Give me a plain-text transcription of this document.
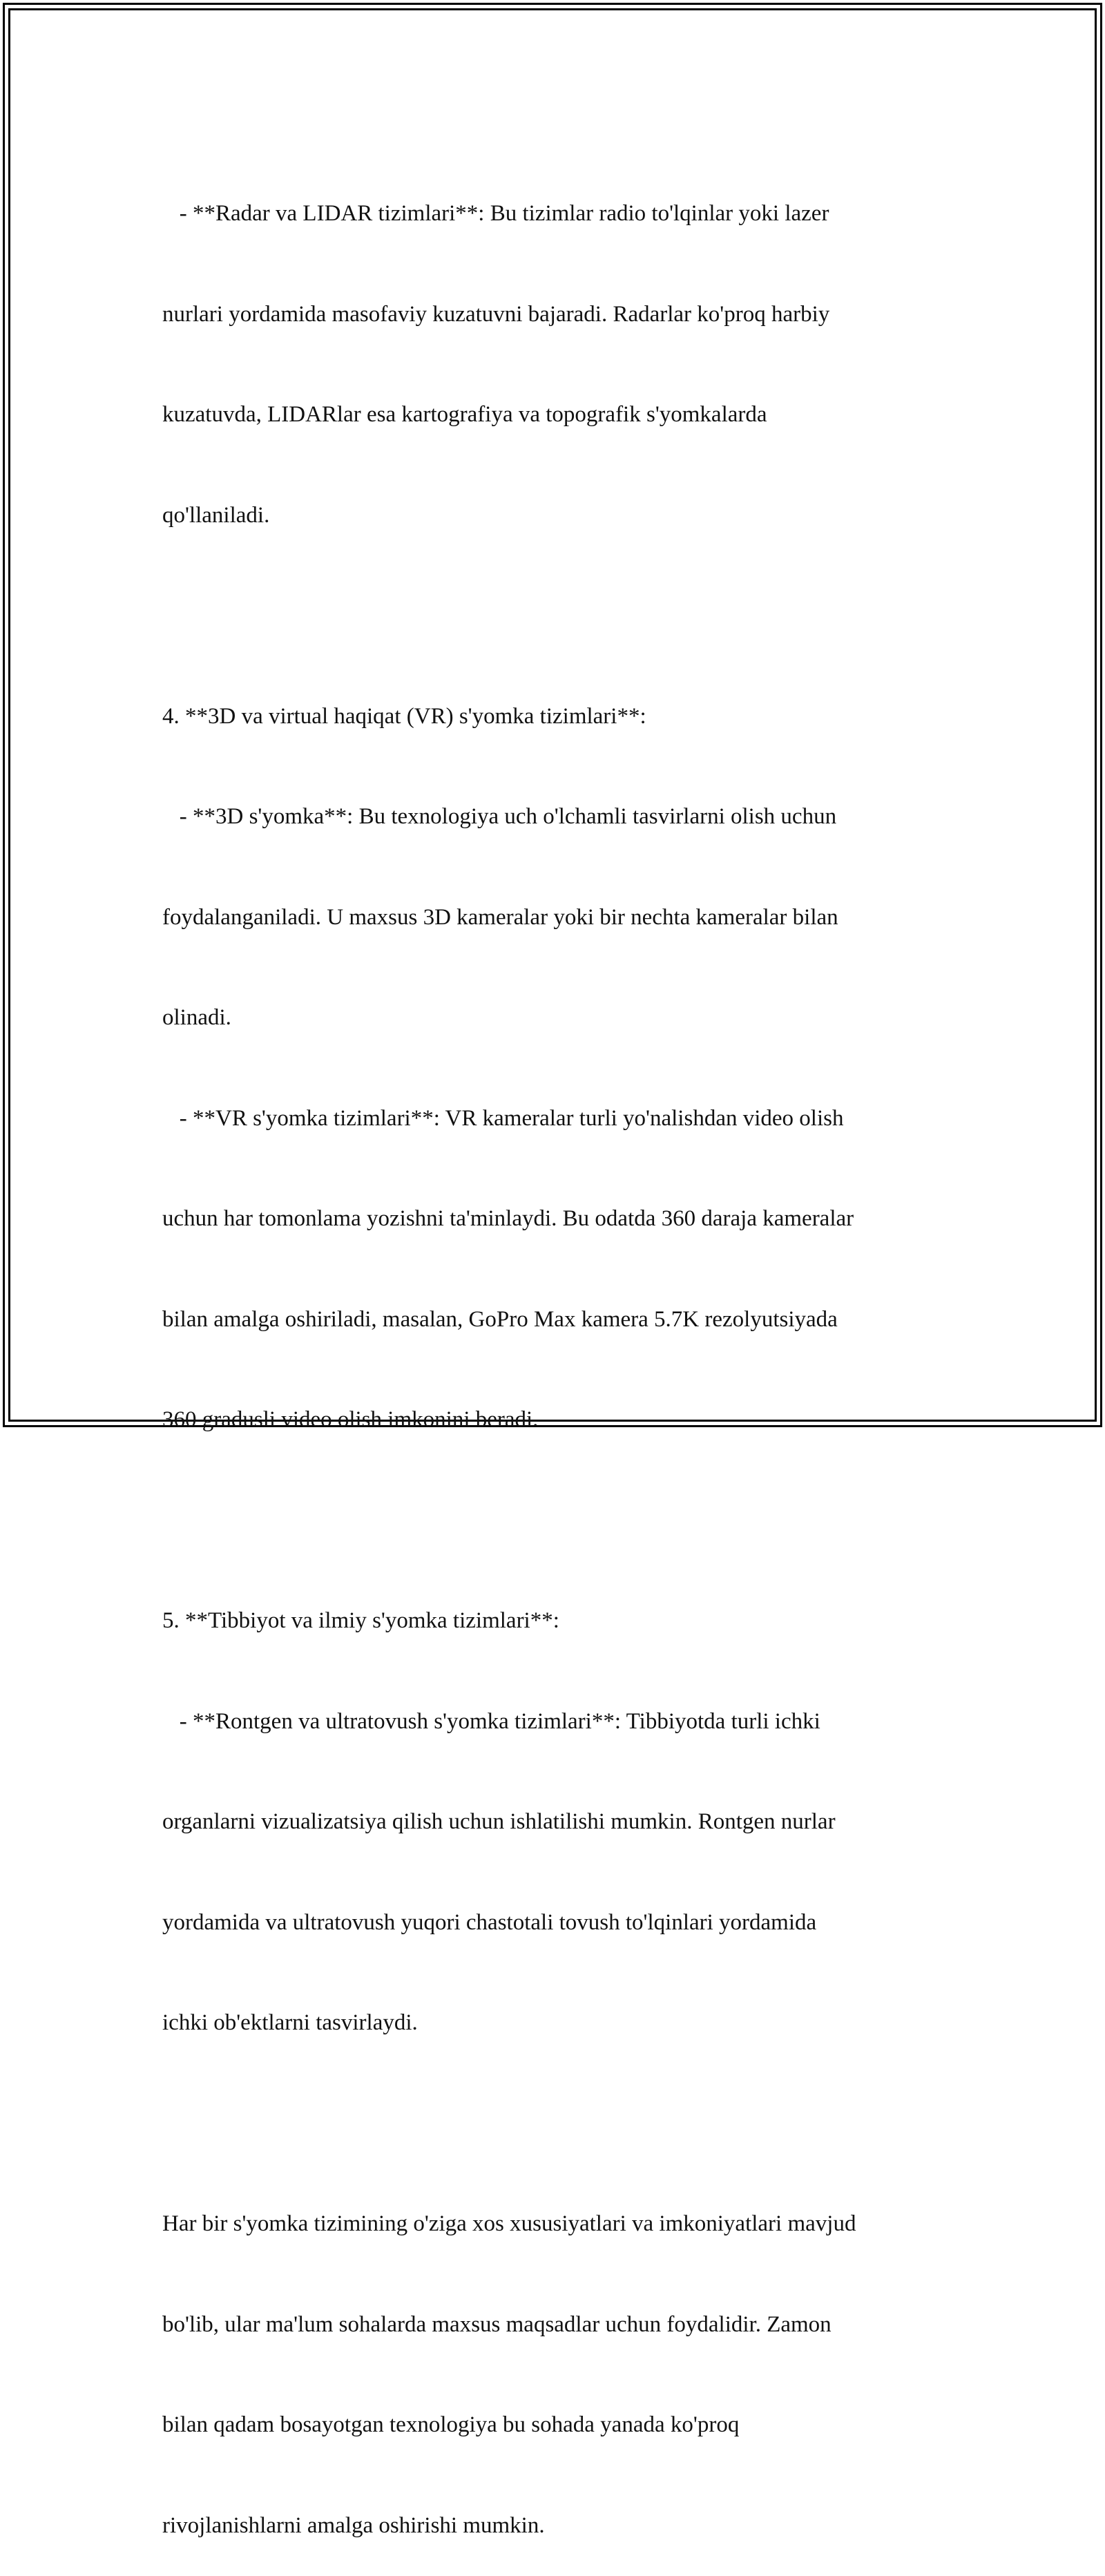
- **Radar va LIDAR tizimlari**: Bu tizimlar radio to'lqinlar yoki lazer

nurlari yordamida masofaviy kuzatuvni bajaradi. Radarlar ko'proq harbiy

kuzatuvda, LIDARlar esa kartografiya va topografik s'yomkalarda

qo'llaniladi.

4. **3D va virtual haqiqat (VR) s'yomka tizimlari**:

- **3D s'yomka**: Bu texnologiya uch o'lchamli tasvirlarni olish uchun

foydalanganiladi. U maxsus 3D kameralar yoki bir nechta kameralar bilan

olinadi.

- **VR s'yomka tizimlari**: VR kameralar turli yo'nalishdan video olish

uchun har tomonlama yozishni ta'minlaydi. Bu odatda 360 daraja kameralar

bilan amalga oshiriladi, masalan, GoPro Max kamera 5.7K rezolyutsiyada

360 gradusli video olish imkonini beradi.

5. **Tibbiyot va ilmiy s'yomka tizimlari**:

- **Rontgen va ultratovush s'yomka tizimlari**: Tibbiyotda turli ichki

organlarni vizualizatsiya qilish uchun ishlatilishi mumkin. Rontgen nurlar

yordamida va ultratovush yuqori chastotali tovush to'lqinlari yordamida

ichki ob'ektlarni tasvirlaydi.

Har bir s'yomka tizimining o'ziga xos xususiyatlari va imkoniyatlari mavjud

bo'lib, ular ma'lum sohalarda maxsus maqsadlar uchun foydalidir. Zamon

bilan qadam bosayotgan texnologiya bu sohada yanada ko'proq

rivojlanishlarni amalga oshirishi mumkin.
